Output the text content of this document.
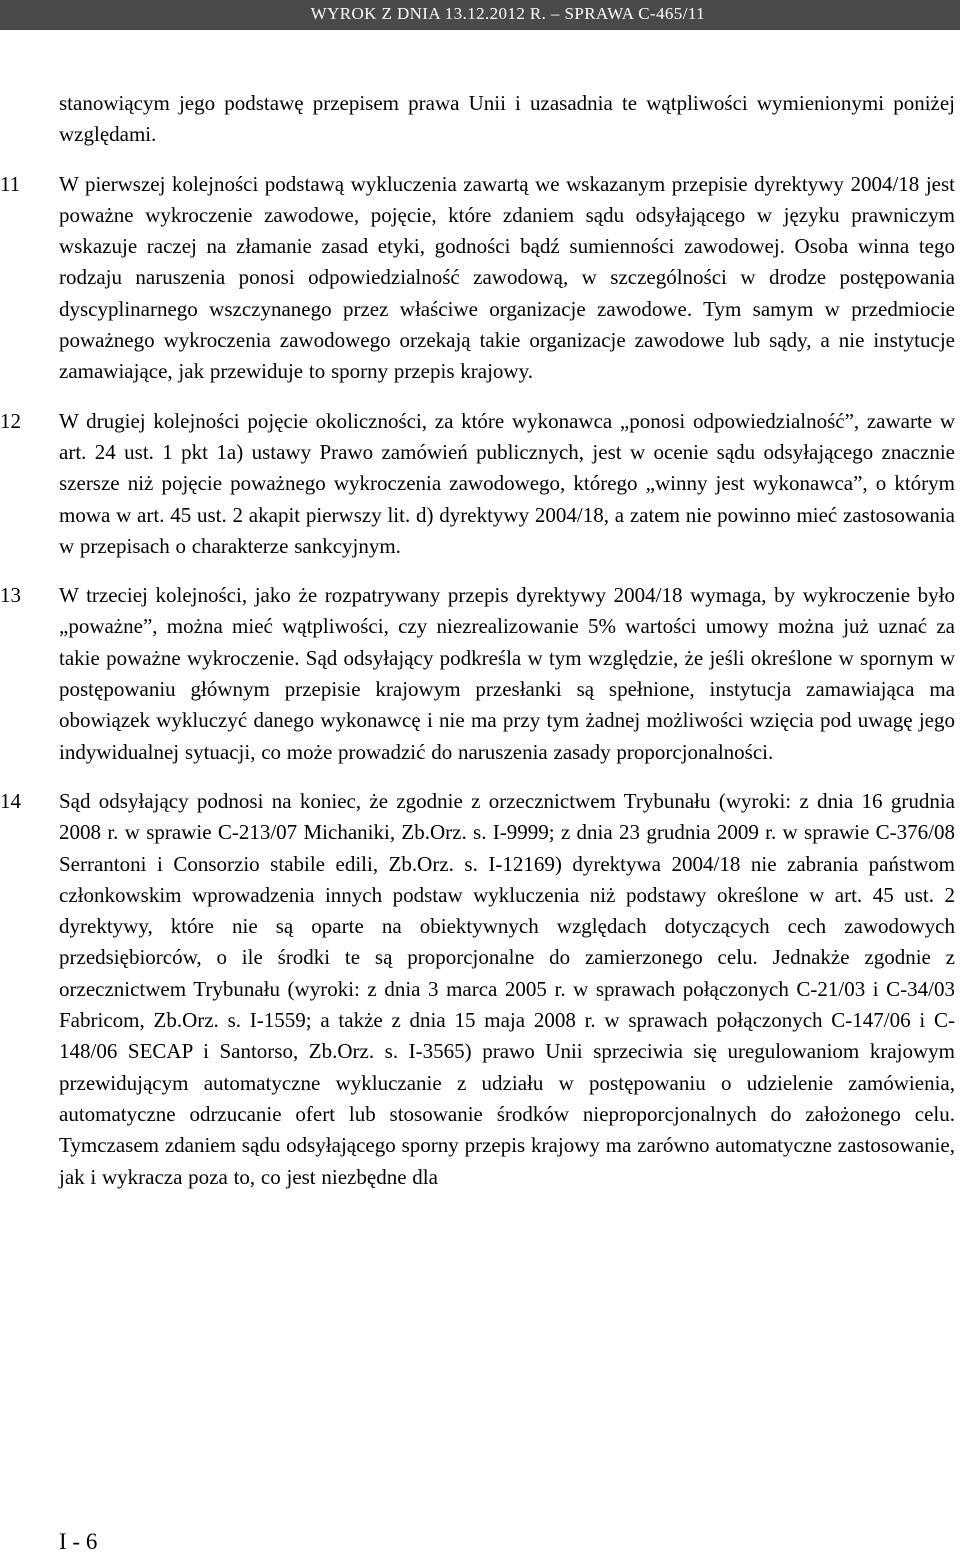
WYROK Z DNIA 13.12.2012 R. – SPRAWA C-465/11
stanowiącym jego podstawę przepisem prawa Unii i uzasadnia te wątpliwości wymienionymi poniżej względami.
11 W pierwszej kolejności podstawą wykluczenia zawartą we wskazanym przepisie dyrektywy 2004/18 jest poważne wykroczenie zawodowe, pojęcie, które zdaniem sądu odsyłającego w języku prawniczym wskazuje raczej na złamanie zasad etyki, godności bądź sumienności zawodowej. Osoba winna tego rodzaju naruszenia ponosi odpowiedzialność zawodową, w szczególności w drodze postępowania dyscyplinarnego wszczynanego przez właściwe organizacje zawodowe. Tym samym w przedmiocie poważnego wykroczenia zawodowego orzekają takie organizacje zawodowe lub sądy, a nie instytucje zamawiające, jak przewiduje to sporny przepis krajowy.
12 W drugiej kolejności pojęcie okoliczności, za które wykonawca „ponosi odpowiedzialność”, zawarte w art. 24 ust. 1 pkt 1a) ustawy Prawo zamówień publicznych, jest w ocenie sądu odsyłającego znacznie szersze niż pojęcie poważnego wykroczenia zawodowego, którego „winny jest wykonawca”, o którym mowa w art. 45 ust. 2 akapit pierwszy lit. d) dyrektywy 2004/18, a zatem nie powinno mieć zastosowania w przepisach o charakterze sankcyjnym.
13 W trzeciej kolejności, jako że rozpatrywany przepis dyrektywy 2004/18 wymaga, by wykroczenie było „poważne”, można mieć wątpliwości, czy niezrealizowanie 5% wartości umowy można już uznać za takie poważne wykroczenie. Sąd odsyłający podkreśla w tym względzie, że jeśli określone w spornym w postępowaniu głównym przepisie krajowym przesłanki są spełnione, instytucja zamawiająca ma obowiązek wykluczyć danego wykonawcę i nie ma przy tym żadnej możliwości wzięcia pod uwagę jego indywidualnej sytuacji, co może prowadzić do naruszenia zasady proporcjonalności.
14 Sąd odsyłający podnosi na koniec, że zgodnie z orzecznictwem Trybunału (wyroki: z dnia 16 grudnia 2008 r. w sprawie C-213/07 Michaniki, Zb.Orz. s. I-9999; z dnia 23 grudnia 2009 r. w sprawie C-376/08 Serrantoni i Consorzio stabile edili, Zb.Orz. s. I-12169) dyrektywa 2004/18 nie zabrania państwom członkowskim wprowadzenia innych podstaw wykluczenia niż podstawy określone w art. 45 ust. 2 dyrektywy, które nie są oparte na obiektywnych względach dotyczących cech zawodowych przedsiębiorców, o ile środki te są proporcjonalne do zamierzonego celu. Jednakże zgodnie z orzecznictwem Trybunału (wyroki: z dnia 3 marca 2005 r. w sprawach połączonych C-21/03 i C-34/03 Fabricom, Zb.Orz. s. I-1559; a także z dnia 15 maja 2008 r. w sprawach połączonych C-147/06 i C-148/06 SECAP i Santorso, Zb.Orz. s. I-3565) prawo Unii sprzeciwia się uregulowaniom krajowym przewidującym automatyczne wykluczanie z udziału w postępowaniu o udzielenie zamówienia, automatyczne odrzucanie ofert lub stosowanie środków nieproporcjonalnych do założonego celu. Tymczasem zdaniem sądu odsyłającego sporny przepis krajowy ma zarówno automatyczne zastosowanie, jak i wykracza poza to, co jest niezbędne dla
I - 6
